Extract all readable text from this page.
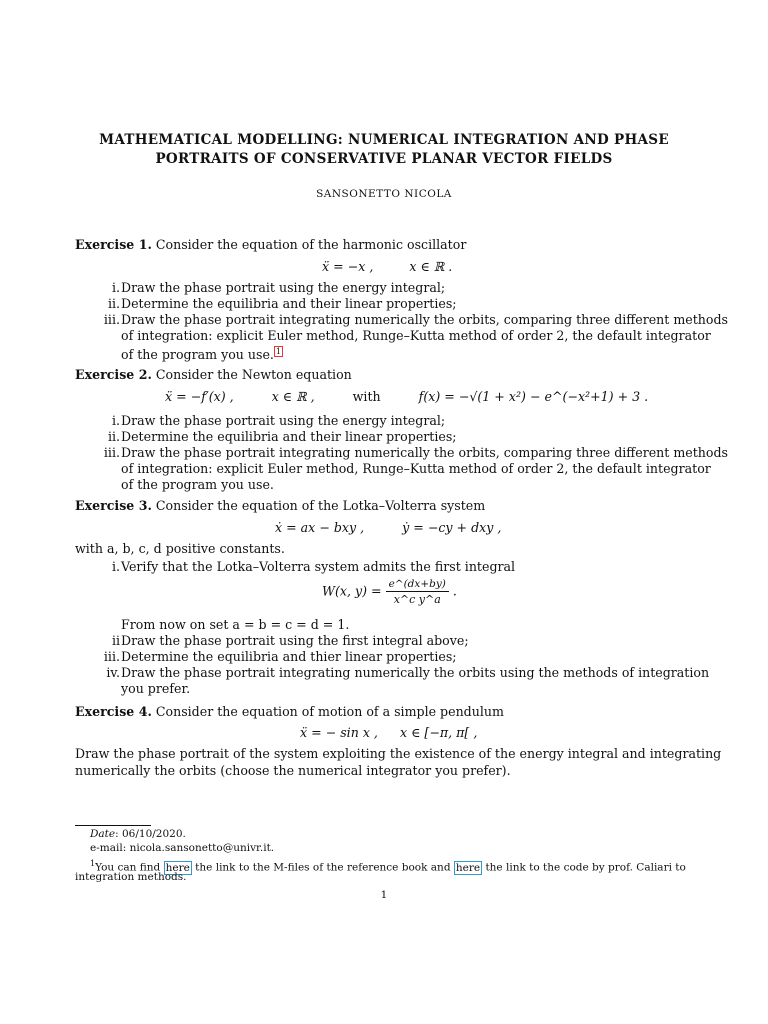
MATHEMATICAL MODELLING: NUMERICAL INTEGRATION AND PHASE
PORTRAITS OF CONSERVATIVE PLANAR VECTOR FIELDS
SANSONETTO NICOLA
Exercise 1. Consider the equation of the harmonic oscillator
ẍ = −x ,	x ∈ ℝ .
i. Draw the phase portrait using the energy integral;
ii. Determine the equilibria and their linear properties;
iii. Draw the phase portrait integrating numerically the orbits, comparing three different methods
of integration: explicit Euler method, Runge–Kutta method of order 2, the default integrator
of the program you use. $^1$
Exercise 2. Consider the Newton equation
ẍ = −f′(x) ,	x ∈ ℝ ,	with	f(x) = −√(1 + x²) − e^(−x²+1) + 3 .
i. Draw the phase portrait using the energy integral;
ii. Determine the equilibria and their linear properties;
iii. Draw the phase portrait integrating numerically the orbits, comparing three different methods
of integration: explicit Euler method, Runge–Kutta method of order 2, the default integrator
of the program you use.
Exercise 3. Consider the equation of the Lotka–Volterra system
ẋ = ax − bxy ,	ẏ = −cy + dxy ,
with a, b, c, d positive constants.
i. Verify that the Lotka–Volterra system admits the first integral
W(x, $y) = \frac{e\^{}(dx+by)}{\text{x\textasciicircum{}c y\textasciicircum{}a}}$ .
From now on set a = b = c = d = 1.
ii Draw the phase portrait using the first integral above;
iii. Determine the equilibria and thier linear properties;
iv. Draw the phase portrait integrating numerically the orbits using the methods of integration
you prefer.
Exercise 4. Consider the equation of motion of a simple pendulum
ẍ = − sin x , x ∈ [−π, π[ ,
Draw the phase portrait of the system exploiting the existence of the energy integral and integrating
numerically the orbits (choose the numerical integrator you prefer).
Date: 06/10/2020.
e-mail: nicola.sansonetto@univr.it.
$^1$You can find here the link to the M-files of the reference book and here the link to the code by prof. Caliari to
integration methods.
1
